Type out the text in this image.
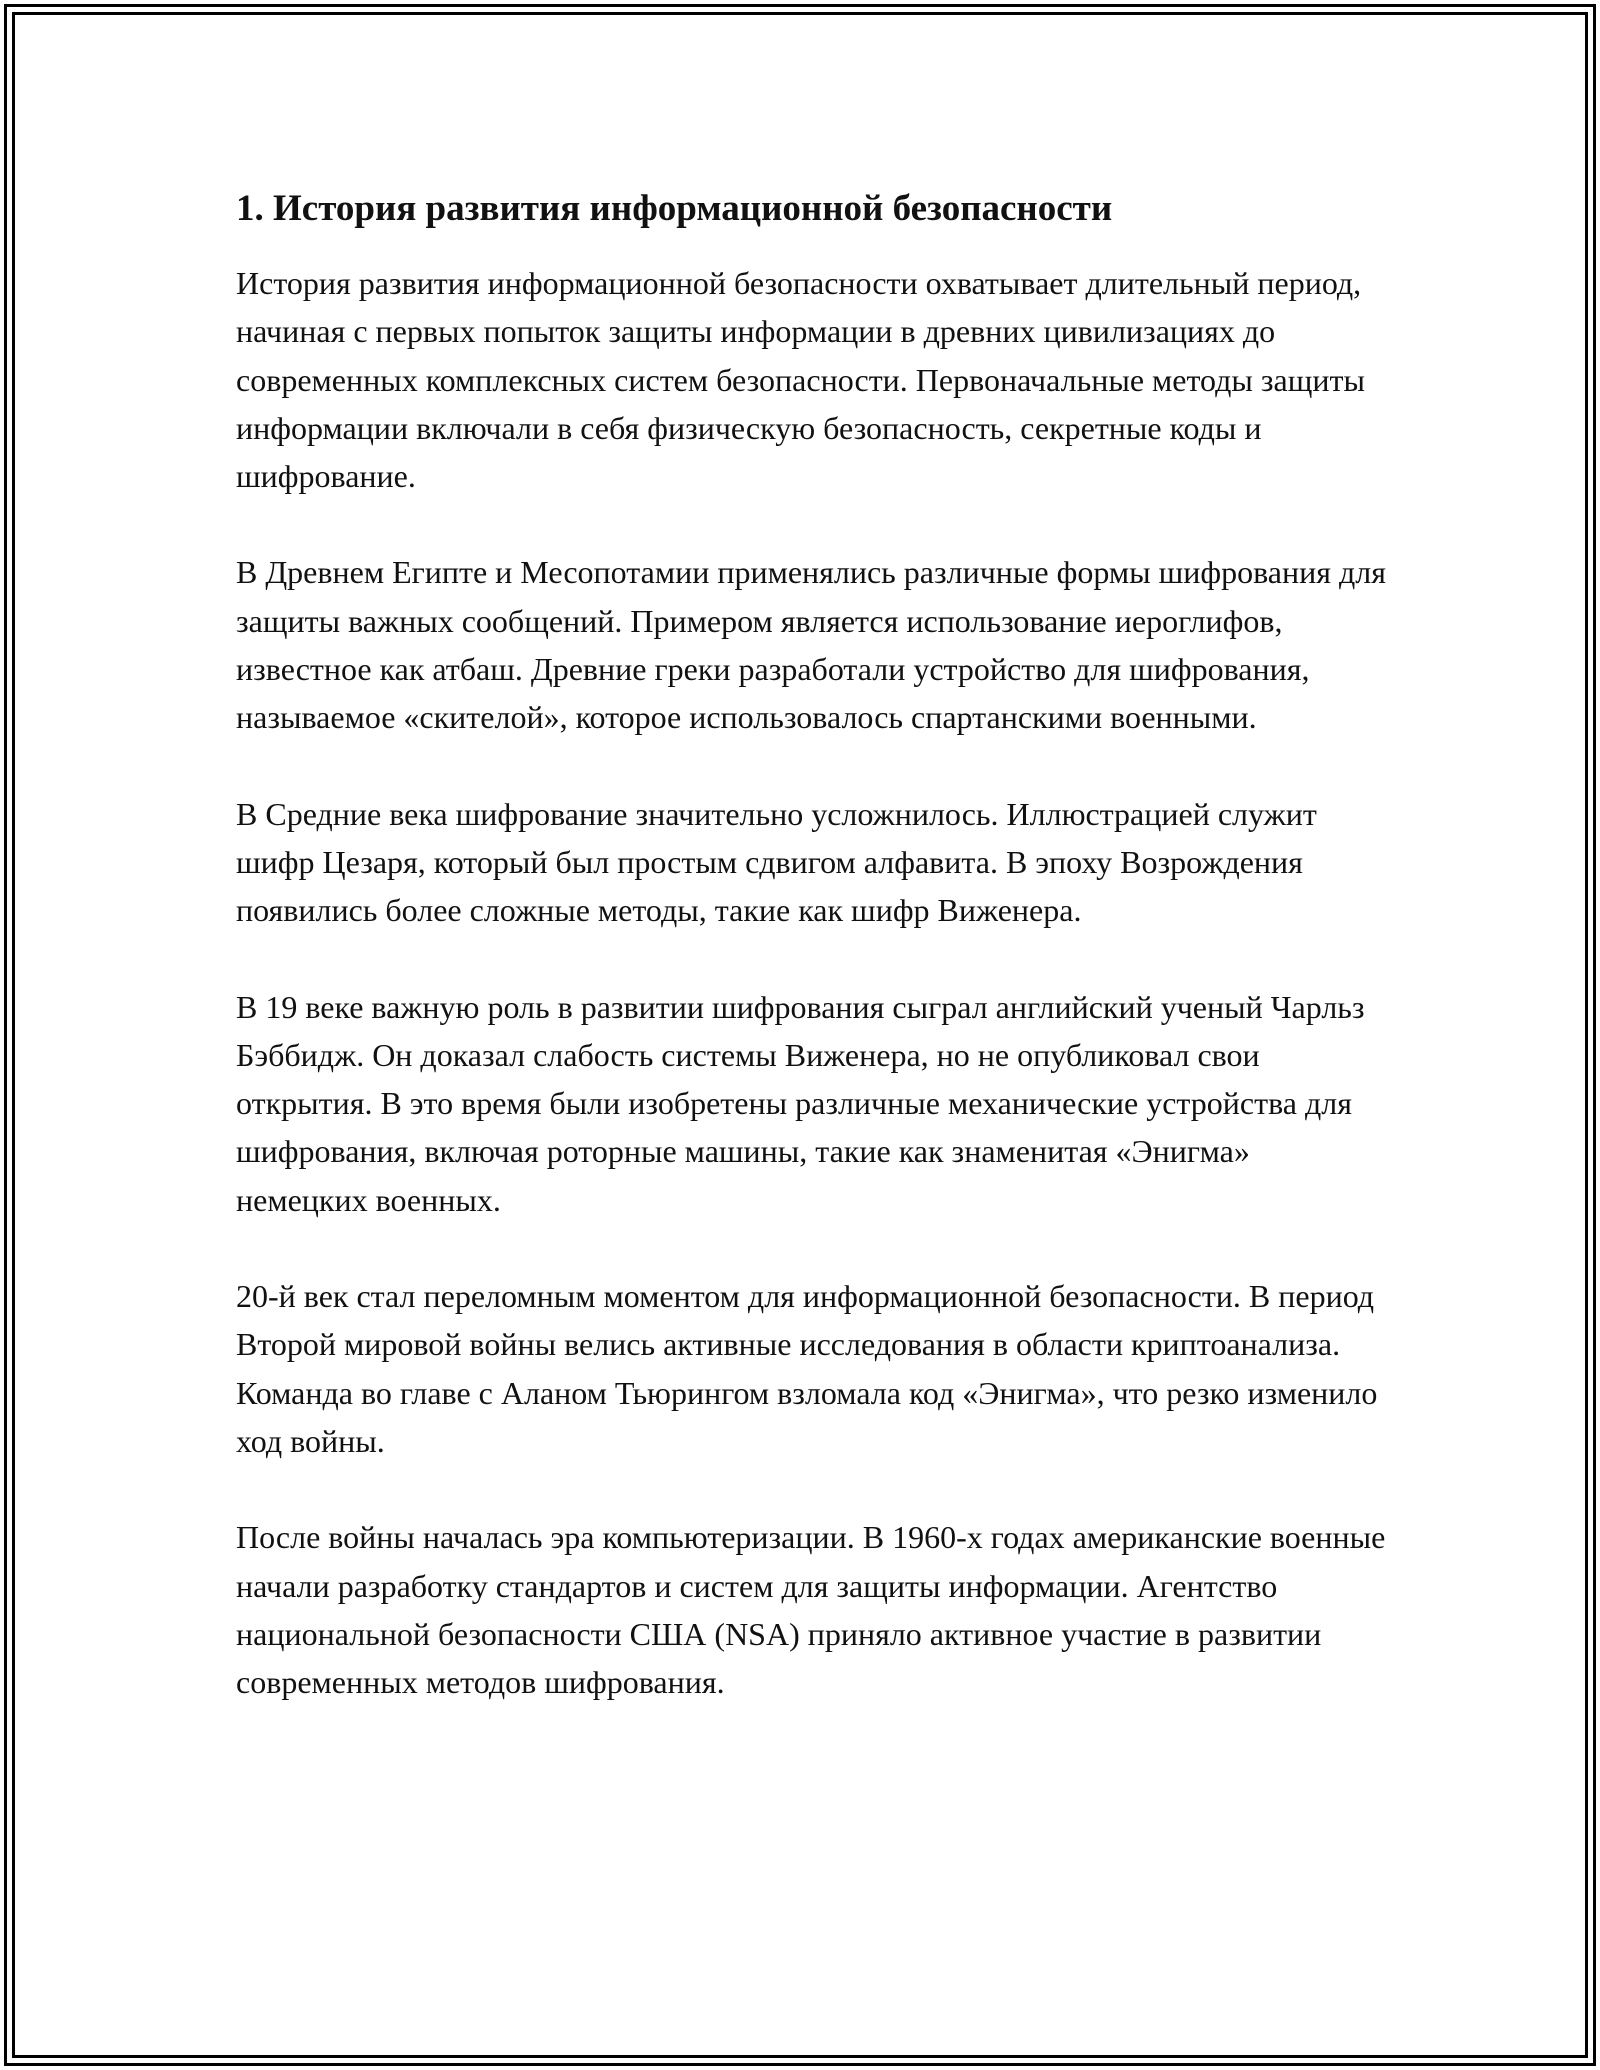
1. История развития информационной безопасности

История развития информационной безопасности охватывает длительный период, начиная с первых попыток защиты информации в древних цивилизациях до современных комплексных систем безопасности. Первоначальные методы защиты информации включали в себя физическую безопасность, секретные коды и шифрование.

В Древнем Египте и Месопотамии применялись различные формы шифрования для защиты важных сообщений. Примером является использование иероглифов, известное как атбаш. Древние греки разработали устройство для шифрования, называемое «скителой», которое использовалось спартанскими военными.

В Средние века шифрование значительно усложнилось. Иллюстрацией служит шифр Цезаря, который был простым сдвигом алфавита. В эпоху Возрождения появились более сложные методы, такие как шифр Виженера.

В 19 веке важную роль в развитии шифрования сыграл английский ученый Чарльз Бэббидж. Он доказал слабость системы Виженера, но не опубликовал свои открытия. В это время были изобретены различные механические устройства для шифрования, включая роторные машины, такие как знаменитая «Энигма» немецких военных.

20-й век стал переломным моментом для информационной безопасности. В период Второй мировой войны велись активные исследования в области криптоанализа. Команда во главе с Аланом Тьюрингом взломала код «Энигма», что резко изменило ход войны.

После войны началась эра компьютеризации. В 1960-х годах американские военные начали разработку стандартов и систем для защиты информации. Агентство национальной безопасности США (NSA) приняло активное участие в развитии современных методов шифрования.
